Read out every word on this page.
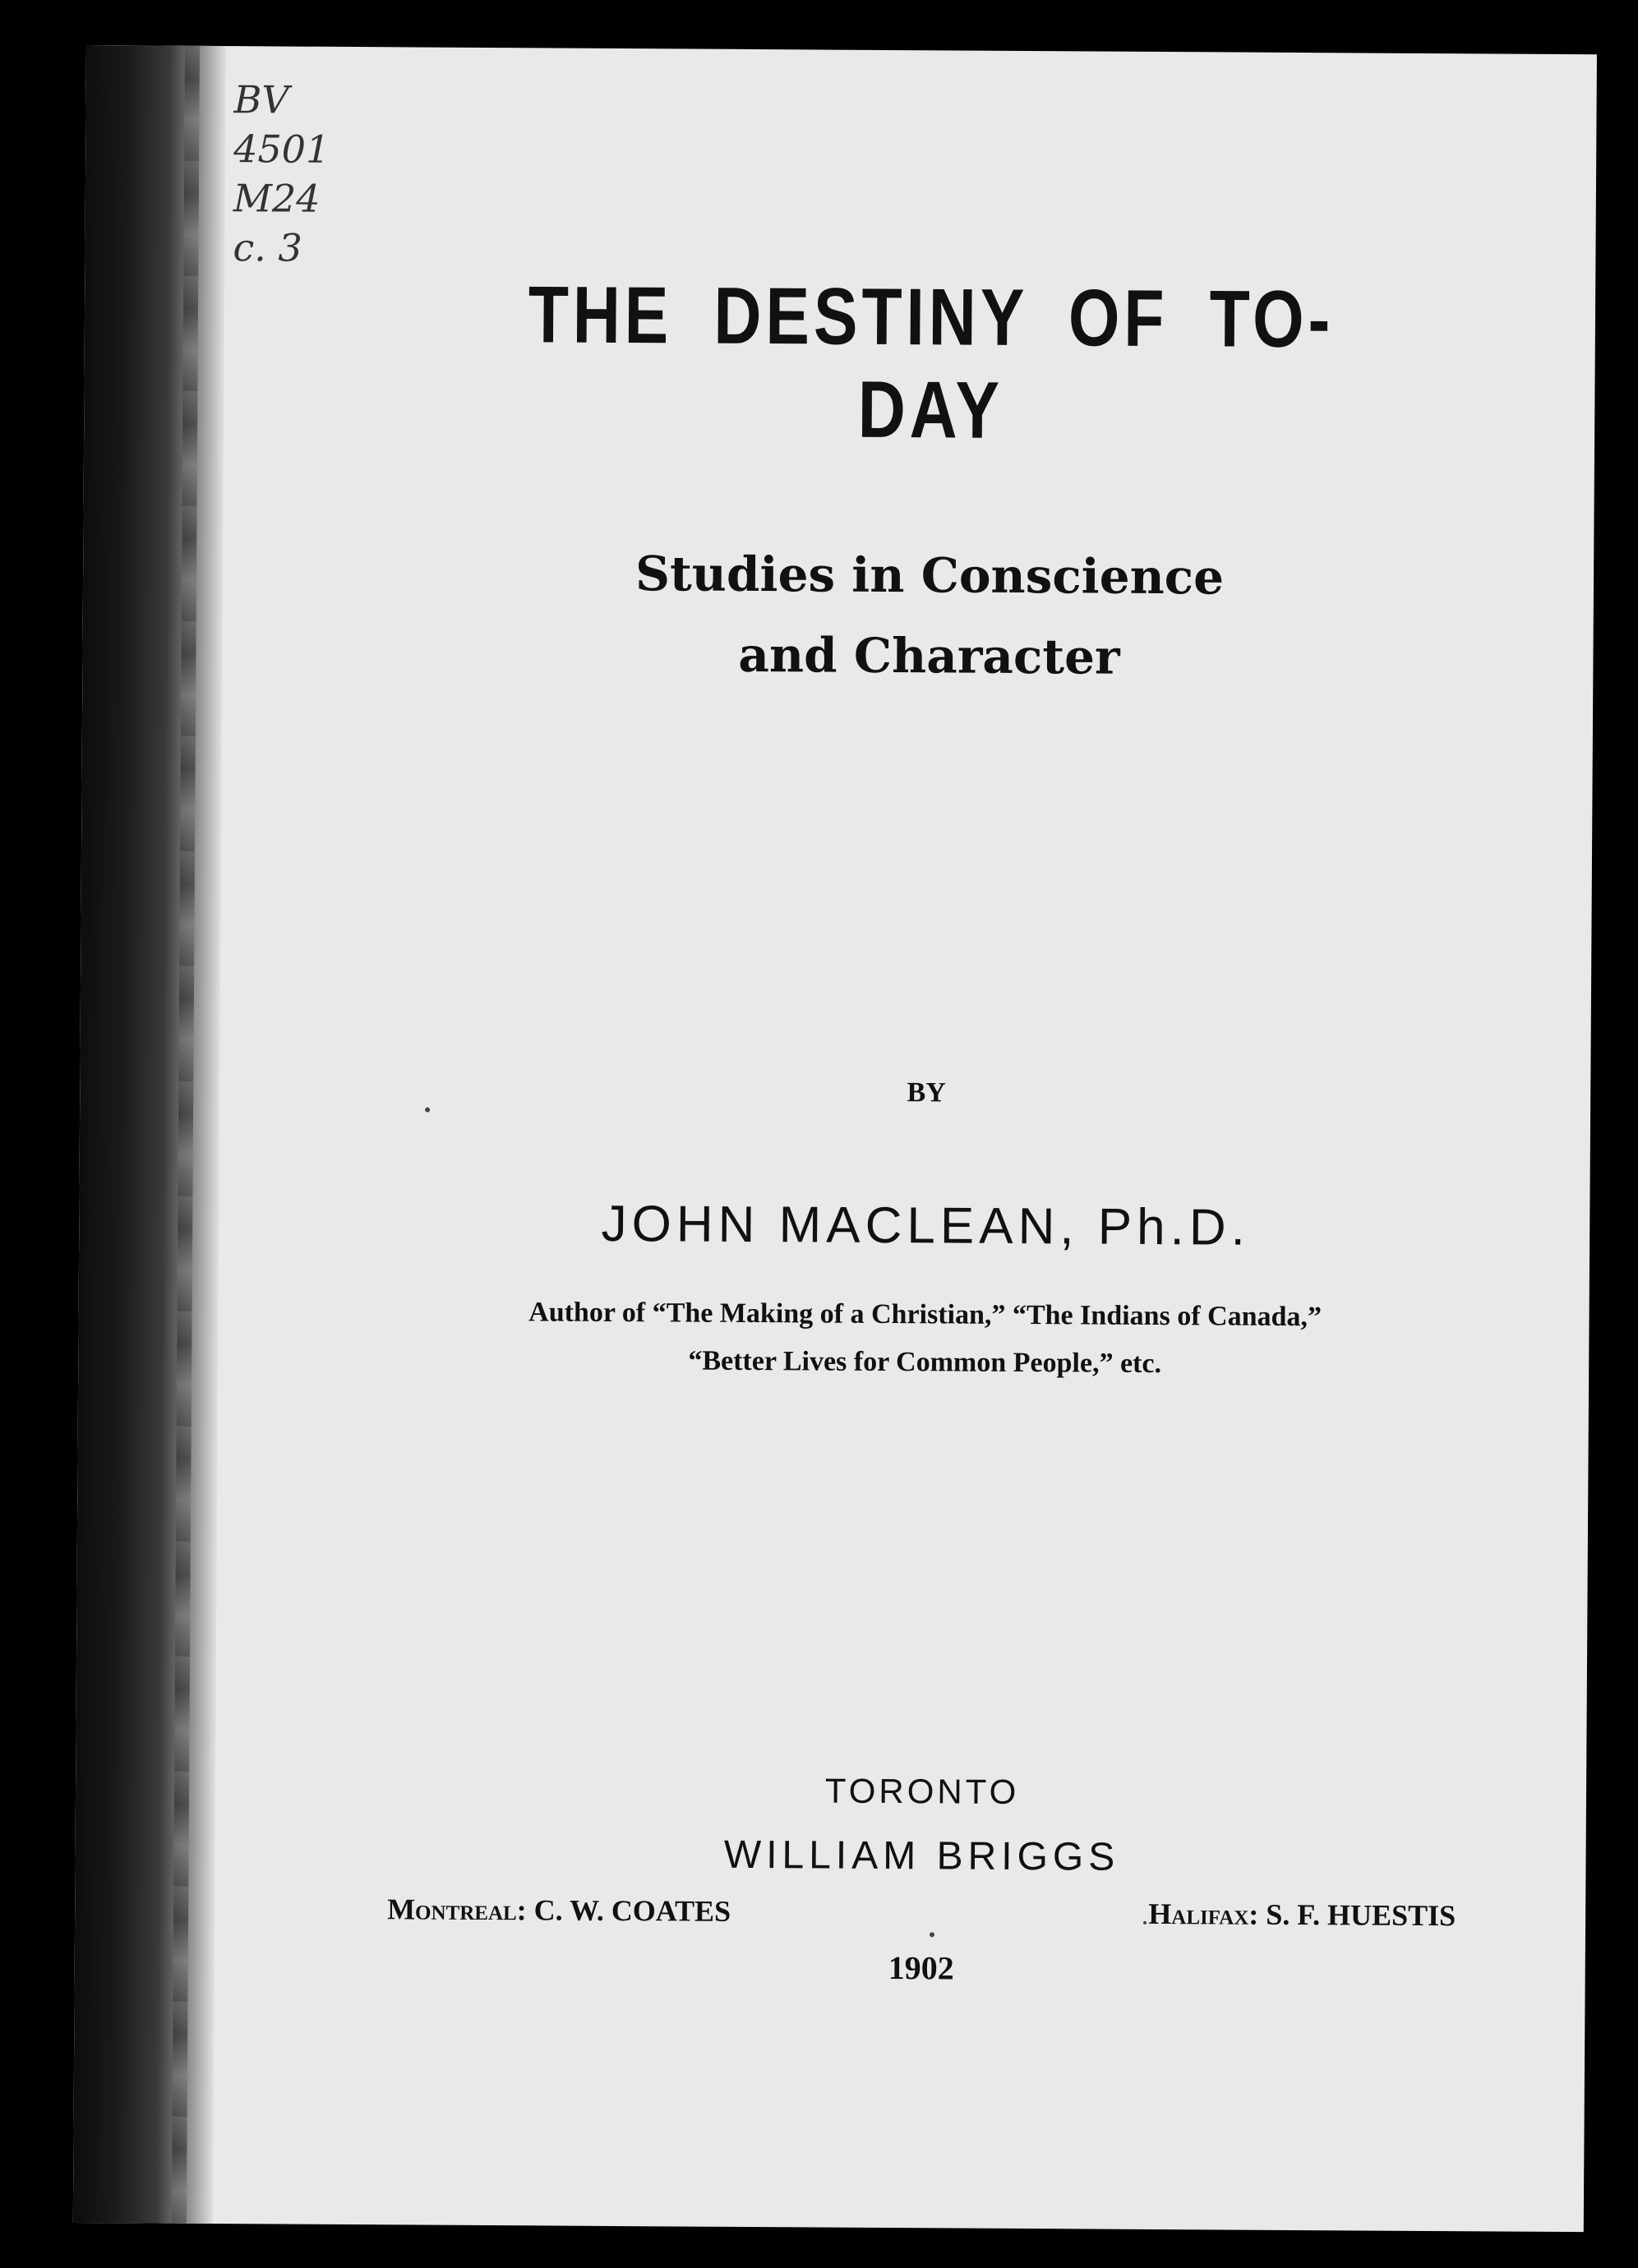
BV
4501
M24
c. 3
THE DESTINY OF TO-DAY
Studies in Conscience
and Character
BY
JOHN MACLEAN, Ph.D.
Author of “The Making of a Christian,” “The Indians of Canada,”
“Better Lives for Common People,” etc.
TORONTO
WILLIAM BRIGGS
Montreal: C. W. COATES	Halifax: S. F. HUESTIS
1902
